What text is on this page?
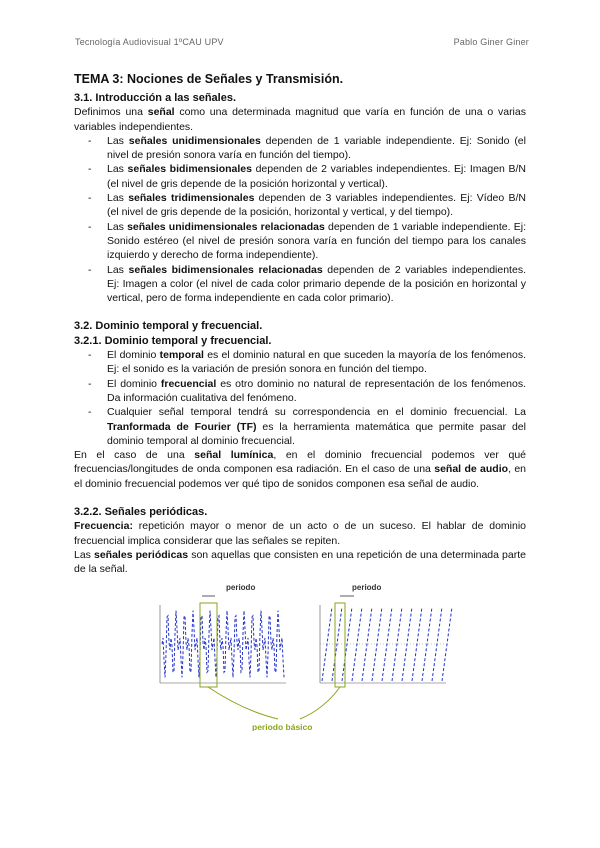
Tecnología Audiovisual 1ºCAU UPV	Pablo Giner Giner
TEMA 3: Nociones de Señales y Transmisión.
3.1. Introducción a las señales.

Definimos una señal como una determinada magnitud que varía en función de una o varias variables independientes.

- Las señales unidimensionales dependen de 1 variable independiente. Ej: Sonido (el nivel de presión sonora varía en función del tiempo).
- Las señales bidimensionales dependen de 2 variables independientes. Ej: Imagen B/N (el nivel de gris depende de la posición horizontal y vertical).
- Las señales tridimensionales dependen de 3 variables independientes. Ej: Vídeo B/N (el nivel de gris depende de la posición, horizontal y vertical, y del tiempo).
- Las señales unidimensionales relacionadas dependen de 1 variable independiente. Ej: Sonido estéreo (el nivel de presión sonora varía en función del tiempo para los canales izquierdo y derecho de forma independiente).
- Las señales bidimensionales relacionadas dependen de 2 variables independientes. Ej: Imagen a color (el nivel de cada color primario depende de la posición en horizontal y vertical, pero de forma independiente en cada color primario).
3.2. Dominio temporal y frecuencial.
3.2.1. Dominio temporal y frecuencial.
- El dominio temporal es el dominio natural en que suceden la mayoría de los fenómenos. Ej: el sonido es la variación de presión sonora en función del tiempo.
- El dominio frecuencial es otro dominio no natural de representación de los fenómenos. Da información cualitativa del fenómeno.
- Cualquier señal temporal tendrá su correspondencia en el dominio frecuencial. La Tranformada de Fourier (TF) es la herramienta matemática que permite pasar del dominio temporal al dominio frecuencial.

En el caso de una señal lumínica, en el dominio frecuencial podemos ver qué frecuencias/longitudes de onda componen esa radiación. En el caso de una señal de audio, en el dominio frecuencial podemos ver qué tipo de sonidos componen esa señal de audio.

3.2.2. Señales periódicas.

Frecuencia: repetición mayor o menor de un acto o de un suceso. El hablar de dominio frecuencial implica considerar que las señales se repiten.

Las señales periódicas son aquellas que consisten en una repetición de una determinada parte de la señal.

periodo	periodo
periodo básico
